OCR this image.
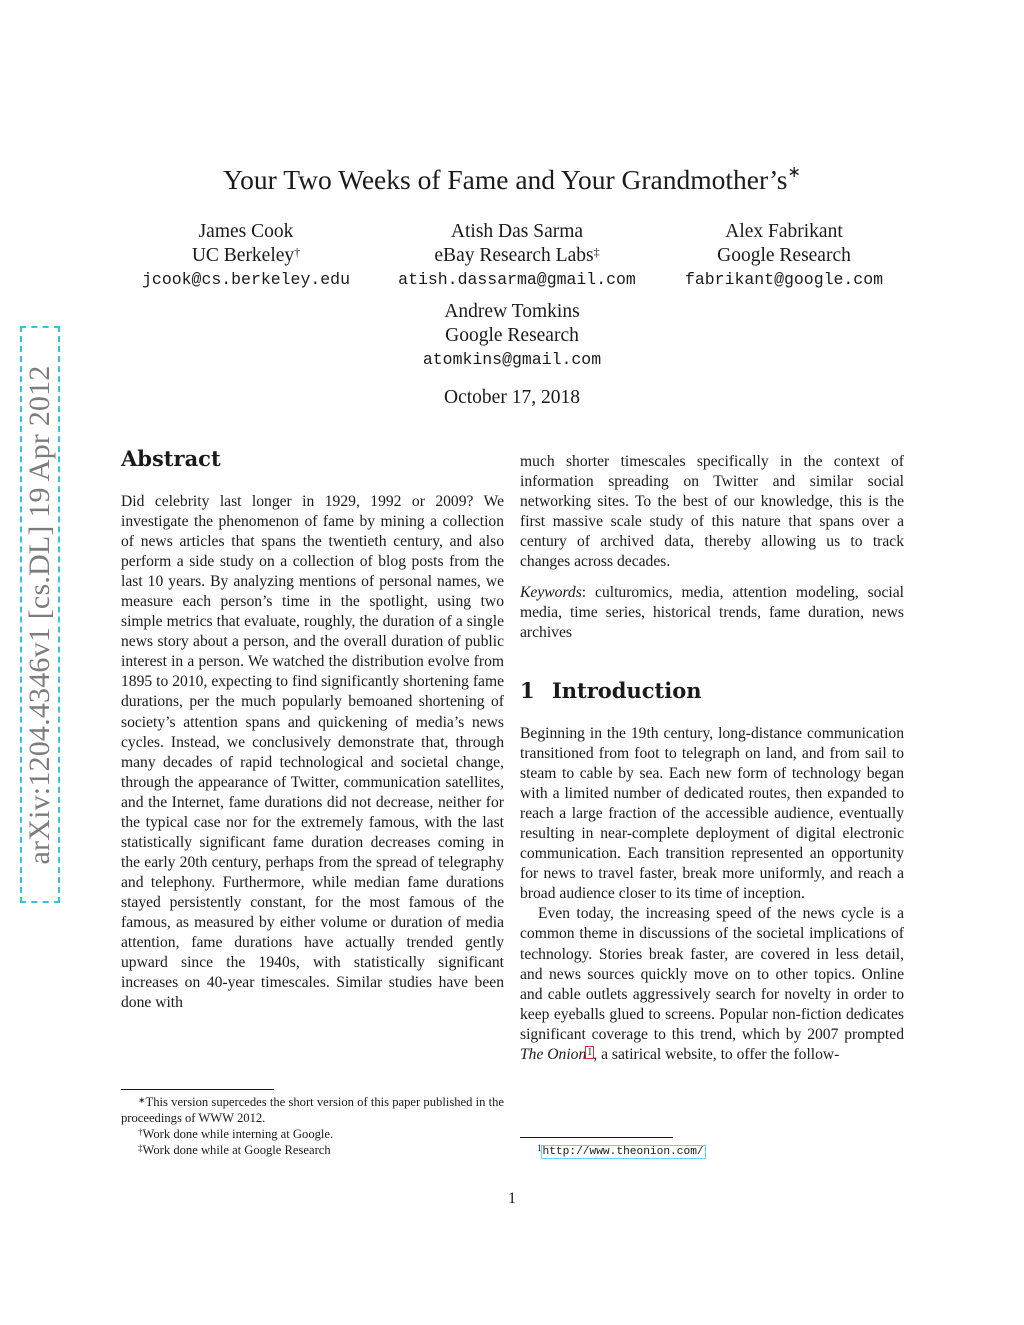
arXiv:1204.4346v1 [cs.DL] 19 Apr 2012
Your Two Weeks of Fame and Your Grandmother’s∗
James Cook
UC Berkeley†
jcook@cs.berkeley.edu
Atish Das Sarma
eBay Research Labs‡
atish.dassarma@gmail.com
Alex Fabrikant
Google Research
fabrikant@google.com
Andrew Tomkins
Google Research
atomkins@gmail.com
October 17, 2018
Abstract

Did celebrity last longer in 1929, 1992 or 2009? We investigate the phenomenon of fame by mining a collection of news articles that spans the twentieth century, and also perform a side study on a collection of blog posts from the last 10 years. By analyzing mentions of personal names, we measure each person’s time in the spotlight, using two simple metrics that evaluate, roughly, the duration of a single news story about a person, and the overall duration of public interest in a person. We watched the distribution evolve from 1895 to 2010, expecting to find significantly shortening fame durations, per the much popularly bemoaned shortening of society’s attention spans and quickening of media’s news cycles. Instead, we conclusively demonstrate that, through many decades of rapid technological and societal change, through the appearance of Twitter, communication satellites, and the Internet, fame durations did not decrease, neither for the typical case nor for the extremely famous, with the last statistically significant fame duration decreases coming in the early 20th century, perhaps from the spread of telegraphy and telephony. Furthermore, while median fame durations stayed persistently constant, for the most famous of the famous, as measured by either volume or duration of media attention, fame durations have actually trended gently upward since the 1940s, with statistically significant increases on 40-year timescales. Similar studies have been done with

much shorter timescales specifically in the context of information spreading on Twitter and similar social networking sites. To the best of our knowledge, this is the first massive scale study of this nature that spans over a century of archived data, thereby allowing us to track changes across decades.

Keywords: culturomics, media, attention modeling, social media, time series, historical trends, fame duration, news archives

1 Introduction

Beginning in the 19th century, long-distance communication transitioned from foot to telegraph on land, and from sail to steam to cable by sea. Each new form of technology began with a limited number of dedicated routes, then expanded to reach a large fraction of the accessible audience, eventually resulting in near-complete deployment of digital electronic communication. Each transition represented an opportunity for news to travel faster, break more uniformly, and reach a broad audience closer to its time of inception.

Even today, the increasing speed of the news cycle is a common theme in discussions of the societal implications of technology. Stories break faster, are covered in less detail, and news sources quickly move on to other topics. Online and cable outlets aggressively search for novelty in order to keep eyeballs glued to screens. Popular non-fiction dedicates significant coverage to this trend, which by 2007 prompted The Onion$^1$, a satirical website, to offer the follow-

∗This version supercedes the short version of this paper published in the proceedings of WWW 2012.
†Work done while interning at Google.
‡Work done while at Google Research	$^1$http://www.theonion.com/
1
